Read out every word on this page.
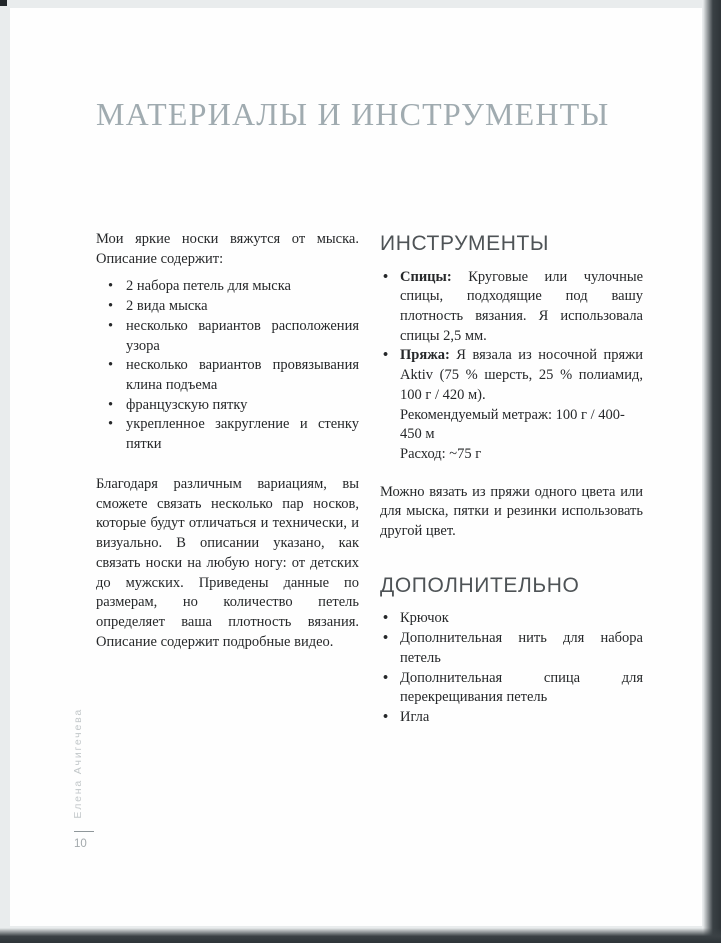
МАТЕРИАЛЫ И ИНСТРУМЕНТЫ

Мои яркие носки вяжутся от мыска. Описание содержит:

• 2 набора петель для мыска
• 2 вида мыска
• несколько вариантов расположения узора
• несколько вариантов провязывания клина подъема
• французскую пятку
• укрепленное закругление и стенку пятки

Благодаря различным вариациям, вы сможете связать несколько пар носков, которые будут отличаться и технически, и визуально. В описании указано, как связать носки на любую ногу: от детских до мужских. Приведены данные по размерам, но количество петель определяет ваша плотность вязания. Описание содержит подробные видео.

ИНСТРУМЕНТЫ
• Спицы: Круговые или чулочные спицы, подходящие под вашу плотность вязания. Я использовала спицы 2,5 мм.
• Пряжа: Я вязала из носочной пряжи Aktiv (75 % шерсть, 25 % полиамид, 100 г / 420 м).
Рекомендуемый метраж: 100 г / 400-450 м
Расход: ~75 г

Можно вязать из пряжи одного цвета или для мыска, пятки и резинки использовать другой цвет.

ДОПОЛНИТЕЛЬНО
• Крючок
• Дополнительная нить для набора петель
• Дополнительная спица для перекрещивания петель
• Игла
Елена Ачигечева
10
